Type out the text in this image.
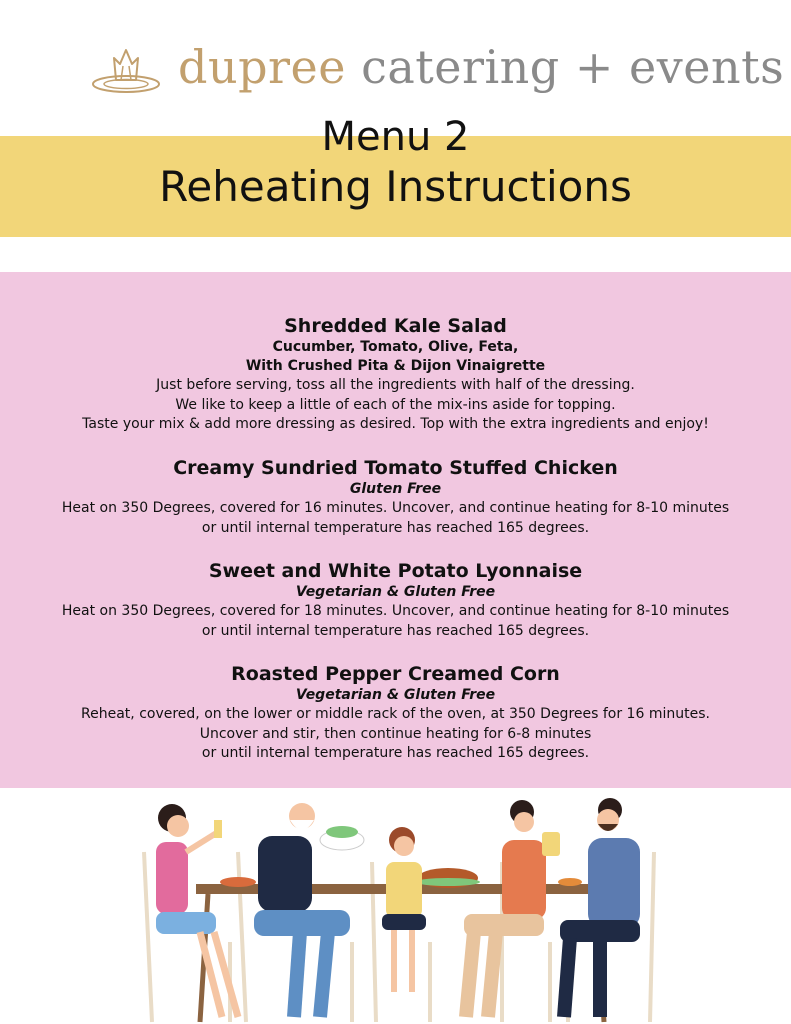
dupree catering + events
Menu 2
Reheating Instructions
Shredded Kale Salad
Cucumber, Tomato, Olive, Feta,
With Crushed Pita & Dijon Vinaigrette
Just before serving, toss all the ingredients with half of the dressing.
We like to keep a little of each of the mix-ins aside for topping.
Taste your mix & add more dressing as desired. Top with the extra ingredients and enjoy!
Creamy Sundried Tomato Stuffed Chicken
Gluten Free
Heat on 350 Degrees, covered for 16 minutes. Uncover, and continue heating for 8-10 minutes
or until internal temperature has reached 165 degrees.
Sweet and White Potato Lyonnaise
Vegetarian & Gluten Free
Heat on 350 Degrees, covered for 18 minutes. Uncover, and continue heating for 8-10 minutes
or until internal temperature has reached 165 degrees.
Roasted Pepper Creamed Corn
Vegetarian & Gluten Free
Reheat, covered, on the lower or middle rack of the oven, at 350 Degrees for 16 minutes.
Uncover and stir, then continue heating for 6-8 minutes
or until internal temperature has reached 165 degrees.
